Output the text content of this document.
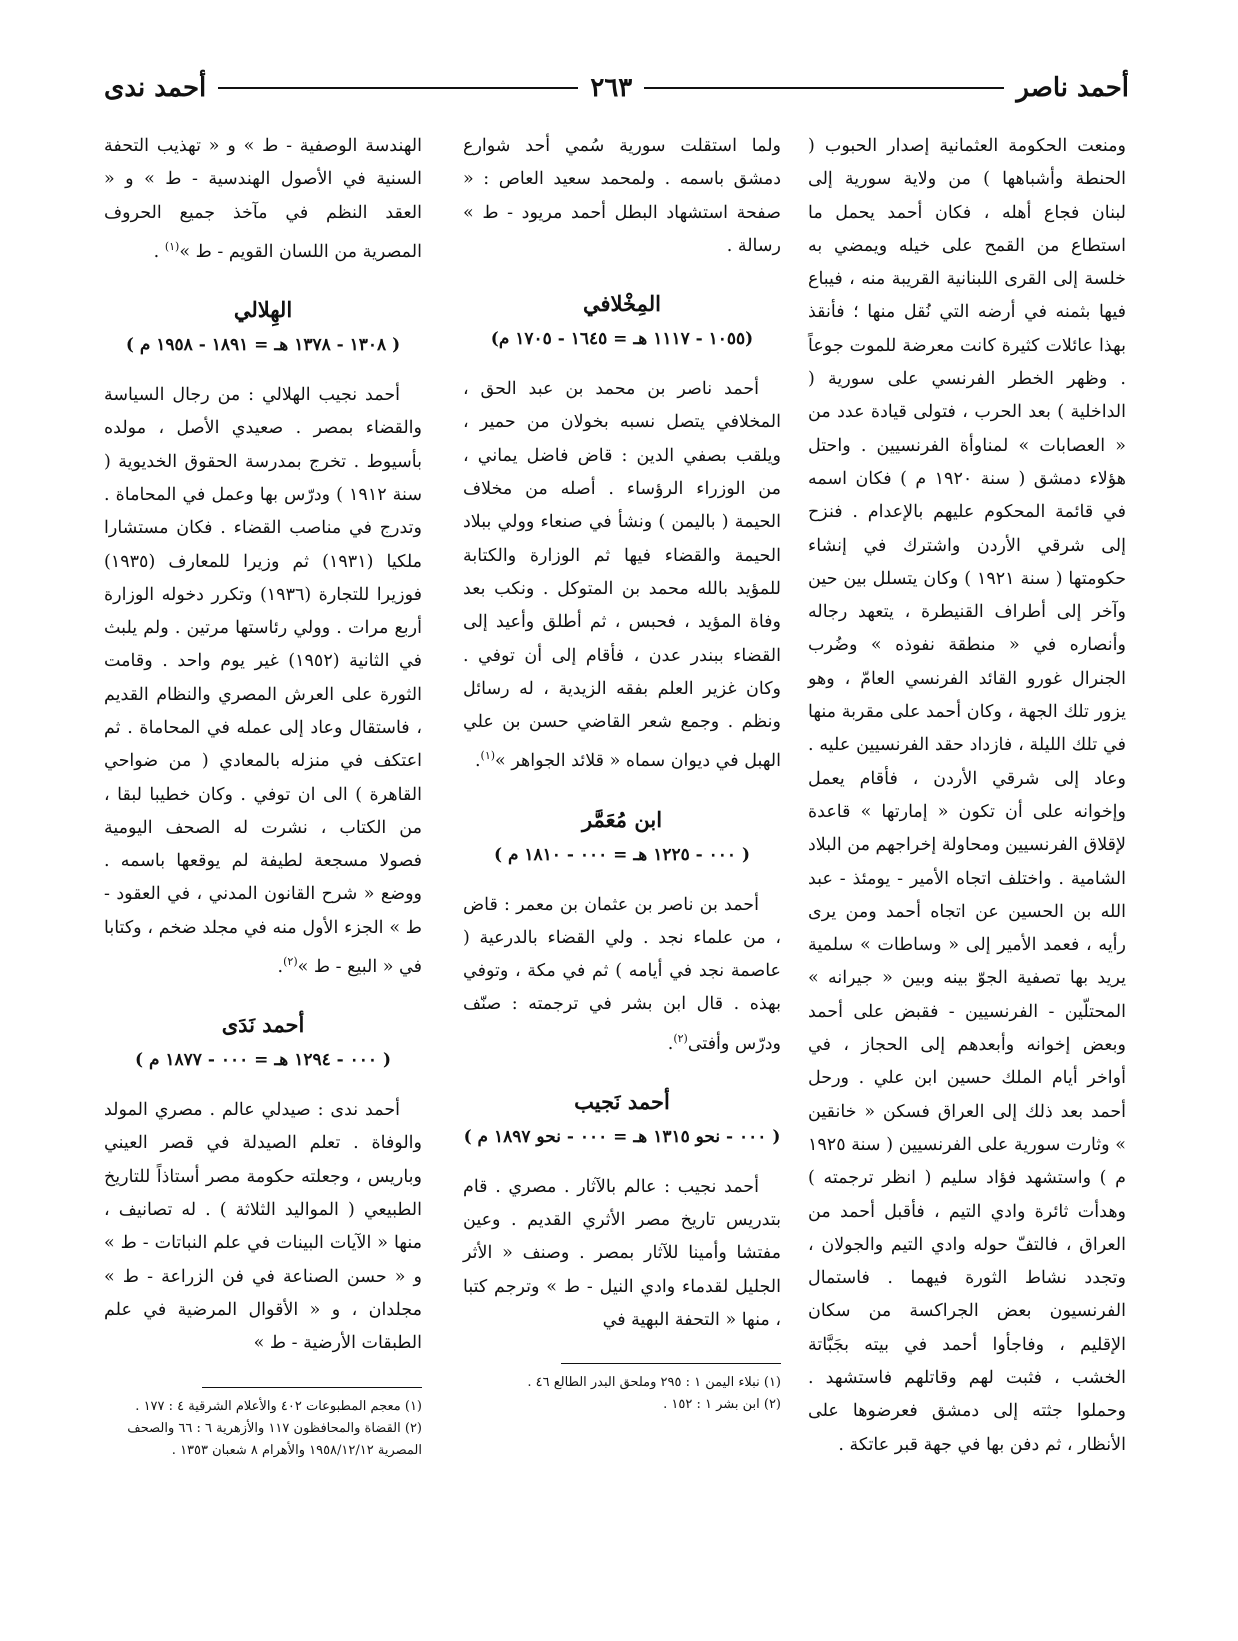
أحمد ناصر
٢٦٣
أحمد ندى

ومنعت الحكومة العثمانية إصدار الحبوب ( الحنطة وأشباهها ) من ولاية سورية إلى لبنان فجاع أهله ، فكان أحمد يحمل ما استطاع من القمح على خيله ويمضي به خلسة إلى القرى اللبنانية القريبة منه ، فيباع فيها بثمنه في أرضه التي نُقل منها ؛ فأنقذ بهذا عائلات كثيرة كانت معرضة للموت جوعاً . وظهر الخطر الفرنسي على سورية ( الداخلية ) بعد الحرب ، فتولى قيادة عدد من « العصابات » لمناوأة الفرنسيين . واحتل هؤلاء دمشق ( سنة ١٩٢٠ م ) فكان اسمه في قائمة المحكوم عليهم بالإعدام . فنزح إلى شرقي الأردن واشترك في إنشاء حكومتها ( سنة ١٩٢١ ) وكان يتسلل بين حين وآخر إلى أطراف القنيطرة ، يتعهد رجاله وأنصاره في « منطقة نفوذه » وضُرب الجنرال غورو القائد الفرنسي العامّ ، وهو يزور تلك الجهة ، وكان أحمد على مقربة منها في تلك الليلة ، فازداد حقد الفرنسيين عليه . وعاد إلى شرقي الأردن ، فأقام يعمل وإخوانه على أن تكون « إمارتها » قاعدة لإقلاق الفرنسيين ومحاولة إخراجهم من البلاد الشامية . واختلف اتجاه الأمير - يومئذ - عبد الله بن الحسين عن اتجاه أحمد ومن يرى رأيه ، فعمد الأمير إلى « وساطات » سلمية يريد بها تصفية الجوّ بينه وبين « جيرانه » المحتلّين - الفرنسيين - فقبض على أحمد وبعض إخوانه وأبعدهم إلى الحجاز ، في أواخر أيام الملك حسين ابن علي . ورحل أحمد بعد ذلك إلى العراق فسكن « خانقين » وثارت سورية على الفرنسيين ( سنة ١٩٢٥ م ) واستشهد فؤاد سليم ( انظر ترجمته ) وهدأت ثائرة وادي التيم ، فأقبل أحمد من العراق ، فالتفّ حوله وادي التيم والجولان ، وتجدد نشاط الثورة فيهما . فاستمال الفرنسيون بعض الجراكسة من سكان الإقليم ، وفاجأوا أحمد في بيته بجَبَّاتة الخشب ، فثبت لهم وقاتلهم فاستشهد . وحملوا جثته إلى دمشق فعرضوها على الأنظار ، ثم دفن بها في جهة قبر عاتكة .

ولما استقلت سورية سُمي أحد شوارع دمشق باسمه . ولمحمد سعيد العاص : « صفحة استشهاد البطل أحمد مريود - ط » رسالة .

المِخْلافي
(١٠٥٥ - ١١١٧ هـ = ١٦٤٥ - ١٧٠٥ م)

أحمد ناصر بن محمد بن عبد الحق ، المخلافي يتصل نسبه بخولان من حمير ، ويلقب بصفي الدين : قاض فاضل يماني ، من الوزراء الرؤساء . أصله من مخلاف الحيمة ( باليمن ) ونشأ في صنعاء وولي ببلاد الحيمة والقضاء فيها ثم الوزارة والكتابة للمؤيد بالله محمد بن المتوكل . ونكب بعد وفاة المؤيد ، فحبس ، ثم أطلق وأعيد إلى القضاء ببندر عدن ، فأقام إلى أن توفي . وكان غزير العلم بفقه الزيدية ، له رسائل ونظم . وجمع شعر القاضي حسن بن علي الهبل في ديوان سماه « قلائد الجواهر »$^{(١)}$.

ابن مُعَمَّر
( ٠٠٠ - ١٢٢٥ هـ = ٠٠٠ - ١٨١٠ م )

أحمد بن ناصر بن عثمان بن معمر : قاض ، من علماء نجد . ولي القضاء بالدرعية ( عاصمة نجد في أيامه ) ثم في مكة ، وتوفي بهذه . قال ابن بشر في ترجمته : صنّف ودرّس وأفتى$^{(٢)}$.

أحمد نَجيب
( ٠٠٠ - نحو ١٣١٥ هـ = ٠٠٠ - نحو ١٨٩٧ م )

أحمد نجيب : عالم بالآثار . مصري . قام بتدريس تاريخ مصر الأثري القديم . وعين مفتشا وأمينا للآثار بمصر . وصنف « الأثر الجليل لقدماء وادي النيل - ط » وترجم كتبا ، منها « التحفة البهية في

(١) نبلاء اليمن ١ : ٢٩٥ وملحق البدر الطالع ٤٦ .
(٢) ابن بشر ١ : ١٥٢ .

الهندسة الوصفية - ط » و « تهذيب التحفة السنية في الأصول الهندسية - ط » و « العقد النظم في مآخذ جميع الحروف المصرية من اللسان القويم - ط »$^{(١)}$ .

الهِلالي
( ١٣٠٨ - ١٣٧٨ هـ = ١٨٩١ - ١٩٥٨ م )

أحمد نجيب الهلالي : من رجال السياسة والقضاء بمصر . صعيدي الأصل ، مولده بأسيوط . تخرج بمدرسة الحقوق الخديوية ( سنة ١٩١٢ ) ودرّس بها وعمل في المحاماة . وتدرج في مناصب القضاء . فكان مستشارا ملكيا (١٩٣١) ثم وزيرا للمعارف (١٩٣٥) فوزيرا للتجارة (١٩٣٦) وتكرر دخوله الوزارة أربع مرات . وولي رئاستها مرتين . ولم يلبث في الثانية (١٩٥٢) غير يوم واحد . وقامت الثورة على العرش المصري والنظام القديم ، فاستقال وعاد إلى عمله في المحاماة . ثم اعتكف في منزله بالمعادي ( من ضواحي القاهرة ) الى ان توفي . وكان خطيبا لبقا ، من الكتاب ، نشرت له الصحف اليومية فصولا مسجعة لطيفة لم يوقعها باسمه . ووضع « شرح القانون المدني ، في العقود - ط » الجزء الأول منه في مجلد ضخم ، وكتابا في « البيع - ط »$^{(٢)}$.

أحمد نَدَى
( ٠٠٠ - ١٢٩٤ هـ = ٠٠٠ - ١٨٧٧ م )

أحمد ندى : صيدلي عالم . مصري المولد والوفاة . تعلم الصيدلة في قصر العيني وباريس ، وجعلته حكومة مصر أستاذاً للتاريخ الطبيعي ( المواليد الثلاثة ) . له تصانيف ، منها « الآيات البينات في علم النباتات - ط » و « حسن الصناعة في فن الزراعة - ط » مجلدان ، و « الأقوال المرضية في علم الطبقات الأرضية - ط »

(١) معجم المطبوعات ٤٠٢ والأعلام الشرقية ٤ : ١٧٧ .
(٢) القضاة والمحافظون ١١٧ والأزهرية ٦ : ٦٦ والصحف المصرية ١٩٥٨/١٢/١٢ والأهرام ٨ شعبان ١٣٥٣ .
